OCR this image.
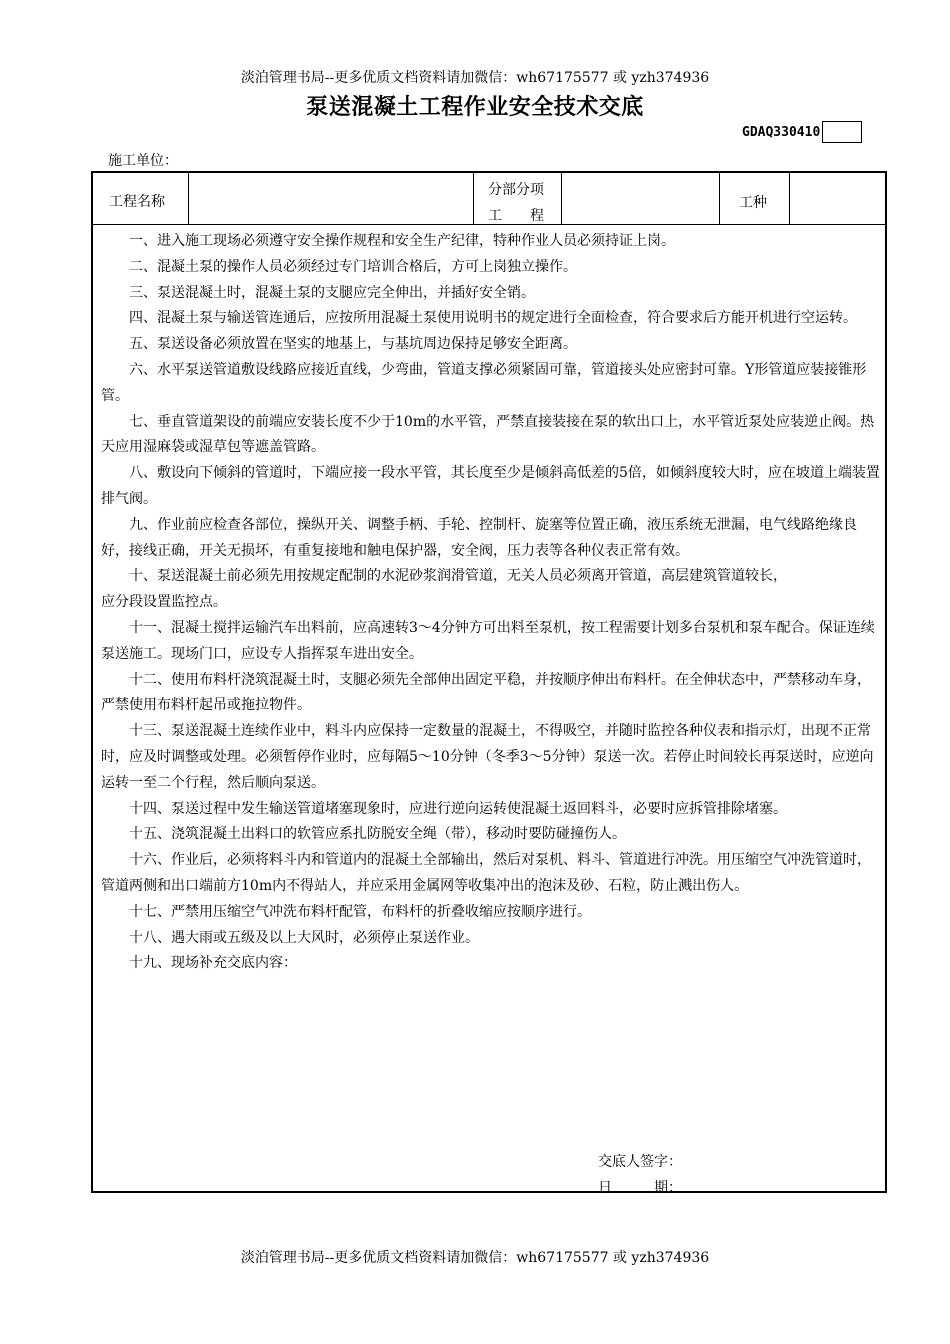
淡泊管理书局--更多优质文档资料请加微信：wh67175577 或 yzh374936
泵送混凝土工程作业安全技术交底
GDAQ330410
施工单位：
工程名称
分部分项
工　　程
工种

一、进入施工现场必须遵守安全操作规程和安全生产纪律，特种作业人员必须持证上岗。

二、混凝土泵的操作人员必须经过专门培训合格后，方可上岗独立操作。

三、泵送混凝土时，混凝土泵的支腿应完全伸出，并插好安全销。

四、混凝土泵与输送管连通后，应按所用混凝土泵使用说明书的规定进行全面检查，符合要求后方能开机进行空运转。

五、泵送设备必须放置在坚实的地基上，与基坑周边保持足够安全距离。

六、水平泵送管道敷设线路应接近直线，少弯曲，管道支撑必须紧固可靠，管道接头处应密封可靠。Y形管道应装接锥形管。

七、垂直管道架设的前端应安装长度不少于10m的水平管，严禁直接装接在泵的软出口上，水平管近泵处应装逆止阀。热天应用湿麻袋或湿草包等遮盖管路。

八、敷设向下倾斜的管道时，下端应接一段水平管，其长度至少是倾斜高低差的5倍，如倾斜度较大时，应在坡道上端装置排气阀。

九、作业前应检查各部位，操纵开关、调整手柄、手轮、控制杆、旋塞等位置正确，液压系统无泄漏，电气线路绝缘良好，接线正确，开关无损坏，有重复接地和触电保护器，安全阀，压力表等各种仪表正常有效。

十、泵送混凝土前必须先用按规定配制的水泥砂浆润滑管道，无关人员必须离开管道，高层建筑管道较长，

应分段设置监控点。

十一、混凝土搅拌运输汽车出料前，应高速转3～4分钟方可出料至泵机，按工程需要计划多台泵机和泵车配合。保证连续泵送施工。现场门口，应设专人指挥泵车进出安全。

十二、使用布料杆浇筑混凝土时，支腿必须先全部伸出固定平稳，并按顺序伸出布料杆。在全伸状态中，严禁移动车身，严禁使用布料杆起吊或拖拉物件。

十三、泵送混凝土连续作业中，料斗内应保持一定数量的混凝土，不得吸空，并随时监控各种仪表和指示灯，出现不正常时，应及时调整或处理。必须暂停作业时，应每隔5～10分钟（冬季3～5分钟）泵送一次。若停止时间较长再泵送时，应逆向运转一至二个行程，然后顺向泵送。

十四、泵送过程中发生输送管道堵塞现象时，应进行逆向运转使混凝土返回料斗，必要时应拆管排除堵塞。

十五、浇筑混凝土出料口的软管应系扎防脱安全绳（带），移动时要防碰撞伤人。

十六、作业后，必须将料斗内和管道内的混凝土全部输出，然后对泵机、料斗、管道进行冲洗。用压缩空气冲洗管道时，管道两侧和出口端前方10m内不得站人，并应采用金属网等收集冲出的泡沫及砂、石粒，防止溅出伤人。

十七、严禁用压缩空气冲洗布料杆配管，布料杆的折叠收缩应按顺序进行。

十八、遇大雨或五级及以上大风时，必须停止泵送作业。

十九、现场补充交底内容：

交底人签字：
日　　　期：
淡泊管理书局--更多优质文档资料请加微信：wh67175577 或 yzh374936
